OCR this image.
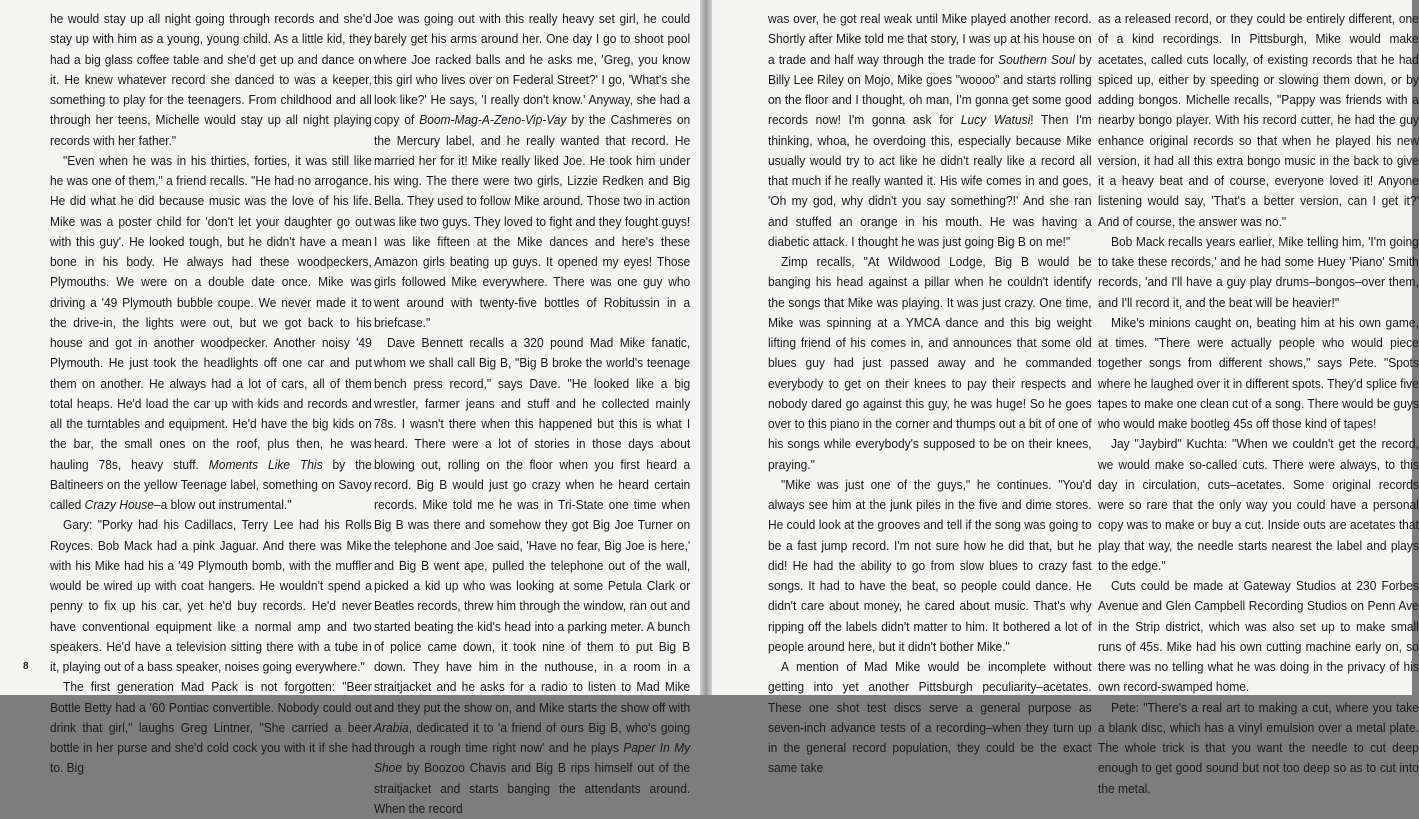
he would stay up all night going through records and she'd stay up with him as a young, young child. As a little kid, they had a big glass coffee table and she'd get up and dance on it. He knew whatever record she danced to was a keeper, something to play for the teenagers. From childhood and all through her teens, Michelle would stay up all night playing records with her father."

"Even when he was in his thirties, forties, it was still like he was one of them," a friend recalls. "He had no arrogance. He did what he did because music was the love of his life. Mike was a poster child for 'don't let your daughter go out with this guy'. He looked tough, but he didn't have a mean bone in his body. He always had these woodpeckers, Plymouths. We were on a double date once. Mike was driving a '49 Plymouth bubble coupe. We never made it to the drive-in, the lights were out, but we got back to his house and got in another woodpecker. Another noisy '49 Plymouth. He just took the headlights off one car and put them on another. He always had a lot of cars, all of them total heaps. He'd load the car up with kids and records and all the turntables and equipment. He'd have the big kids on the bar, the small ones on the roof, plus then, he was hauling 78s, heavy stuff. Moments Like This by the Baltineers on the yellow Teenage label, something on Savoy called Crazy House–a blow out instrumental."

Gary: "Porky had his Cadillacs, Terry Lee had his Rolls Royces. Bob Mack had a pink Jaguar. And there was Mike with his Mike had his a '49 Plymouth bomb, with the muffler would be wired up with coat hangers. He wouldn't spend a penny to fix up his car, yet he'd buy records. He'd never have conventional equipment like a normal amp and two speakers. He'd have a television sitting there with a tube in it, playing out of a bass speaker, noises going everywhere."

The first generation Mad Pack is not forgotten: "Beer Bottle Betty had a '60 Pontiac convertible. Nobody could out drink that girl," laughs Greg Lintner, "She carried a beer bottle in her purse and she'd cold cock you with it if she had to. Big

Joe was going out with this really heavy set girl, he could barely get his arms around her. One day I go to shoot pool where Joe racked balls and he asks me, 'Greg, you know this girl who lives over on Federal Street?' I go, 'What's she look like?' He says, 'I really don't know.' Anyway, she had a copy of Boom-Mag-A-Zeno-Vip-Vay by the Cashmeres on the Mercury label, and he really wanted that record. He married her for it! Mike really liked Joe. He took him under his wing. The there were two girls, Lizzie Redken and Big Bella. They used to follow Mike around. Those two in action was like two guys. They loved to fight and they fought guys! I was like fifteen at the Mike dances and here's these Amazon girls beating up guys. It opened my eyes! Those girls followed Mike everywhere. There was one guy who went around with twenty-five bottles of Robitussin in a briefcase."

Dave Bennett recalls a 320 pound Mad Mike fanatic, whom we shall call Big B, "Big B broke the world's teenage bench press record," says Dave. "He looked like a big wrestler, farmer jeans and stuff and he collected mainly 78s. I wasn't there when this happened but this is what I heard. There were a lot of stories in those days about blowing out, rolling on the floor when you first heard a record. Big B would just go crazy when he heard certain records. Mike told me he was in Tri-State one time when Big B was there and somehow they got Big Joe Turner on the telephone and Joe said, 'Have no fear, Big Joe is here,' and Big B went ape, pulled the telephone out of the wall, picked a kid up who was looking at some Petula Clark or Beatles records, threw him through the window, ran out and started beating the kid's head into a parking meter. A bunch of police came down, it took nine of them to put Big B down. They have him in the nuthouse, in a room in a straitjacket and he asks for a radio to listen to Mad Mike and they put the show on, and Mike starts the show off with Arabia, dedicated it to 'a friend of ours Big B, who's going through a rough time right now' and he plays Paper In My Shoe by Boozoo Chavis and Big B rips himself out of the straitjacket and starts banging the attendants around. When the record

8

was over, he got real weak until Mike played another record. Shortly after Mike told me that story, I was up at his house on a trade and half way through the trade for Southern Soul by Billy Lee Riley on Mojo, Mike goes "woooo" and starts rolling on the floor and I thought, oh man, I'm gonna get some good records now! I'm gonna ask for Lucy Watusi! Then I'm thinking, whoa, he overdoing this, especially because Mike usually would try to act like he didn't really like a record all that much if he really wanted it. His wife comes in and goes, 'Oh my god, why didn't you say something?!' And she ran and stuffed an orange in his mouth. He was having a diabetic attack. I thought he was just going Big B on me!"

Zimp recalls, "At Wildwood Lodge, Big B would be banging his head against a pillar when he couldn't identify the songs that Mike was playing. It was just crazy. One time, Mike was spinning at a YMCA dance and this big weight lifting friend of his comes in, and announces that some old blues guy had just passed away and he commanded everybody to get on their knees to pay their respects and nobody dared go against this guy, he was huge! So he goes over to this piano in the corner and thumps out a bit of one of his songs while everybody's supposed to be on their knees, praying."

"Mike was just one of the guys," he continues. "You'd always see him at the junk piles in the five and dime stores. He could look at the grooves and tell if the song was going to be a fast jump record. I'm not sure how he did that, but he did! He had the ability to go from slow blues to crazy fast songs. It had to have the beat, so people could dance. He didn't care about money, he cared about music. That's why ripping off the labels didn't matter to him. It bothered a lot of people around here, but it didn't bother Mike."

A mention of Mad Mike would be incomplete without getting into yet another Pittsburgh peculiarity–acetates. These one shot test discs serve a general purpose as seven-inch advance tests of a recording–when they turn up in the general record population, they could be the exact same take

as a released record, or they could be entirely different, one of a kind recordings. In Pittsburgh, Mike would make acetates, called cuts locally, of existing records that he had spiced up, either by speeding or slowing them down, or by adding bongos. Michelle recalls, "Pappy was friends with a nearby bongo player. With his record cutter, he had the guy enhance original records so that when he played his new version, it had all this extra bongo music in the back to give it a heavy beat and of course, everyone loved it! Anyone listening would say, 'That's a better version, can I get it?' And of course, the answer was no."

Bob Mack recalls years earlier, Mike telling him, 'I'm going to take these records,' and he had some Huey 'Piano' Smith records, 'and I'll have a guy play drums–bongos–over them, and I'll record it, and the beat will be heavier!"

Mike's minions caught on, beating him at his own game, at times. "There were actually people who would piece together songs from different shows," says Pete. "Spots where he laughed over it in different spots. They'd splice five tapes to make one clean cut of a song. There would be guys who would make bootleg 45s off those kind of tapes!

Jay "Jaybird" Kuchta: "When we couldn't get the record, we would make so-called cuts. There were always, to this day in circulation, cuts–acetates. Some original records were so rare that the only way you could have a personal copy was to make or buy a cut. Inside outs are acetates that play that way, the needle starts nearest the label and plays to the edge."

Cuts could be made at Gateway Studios at 230 Forbes Avenue and Glen Campbell Recording Studios on Penn Ave in the Strip district, which was also set up to make small runs of 45s. Mike had his own cutting machine early on, so there was no telling what he was doing in the privacy of his own record-swamped home.

Pete: "There's a real art to making a cut, where you take a blank disc, which has a vinyl emulsion over a metal plate. The whole trick is that you want the needle to cut deep enough to get good sound but not too deep so as to cut into the metal.
